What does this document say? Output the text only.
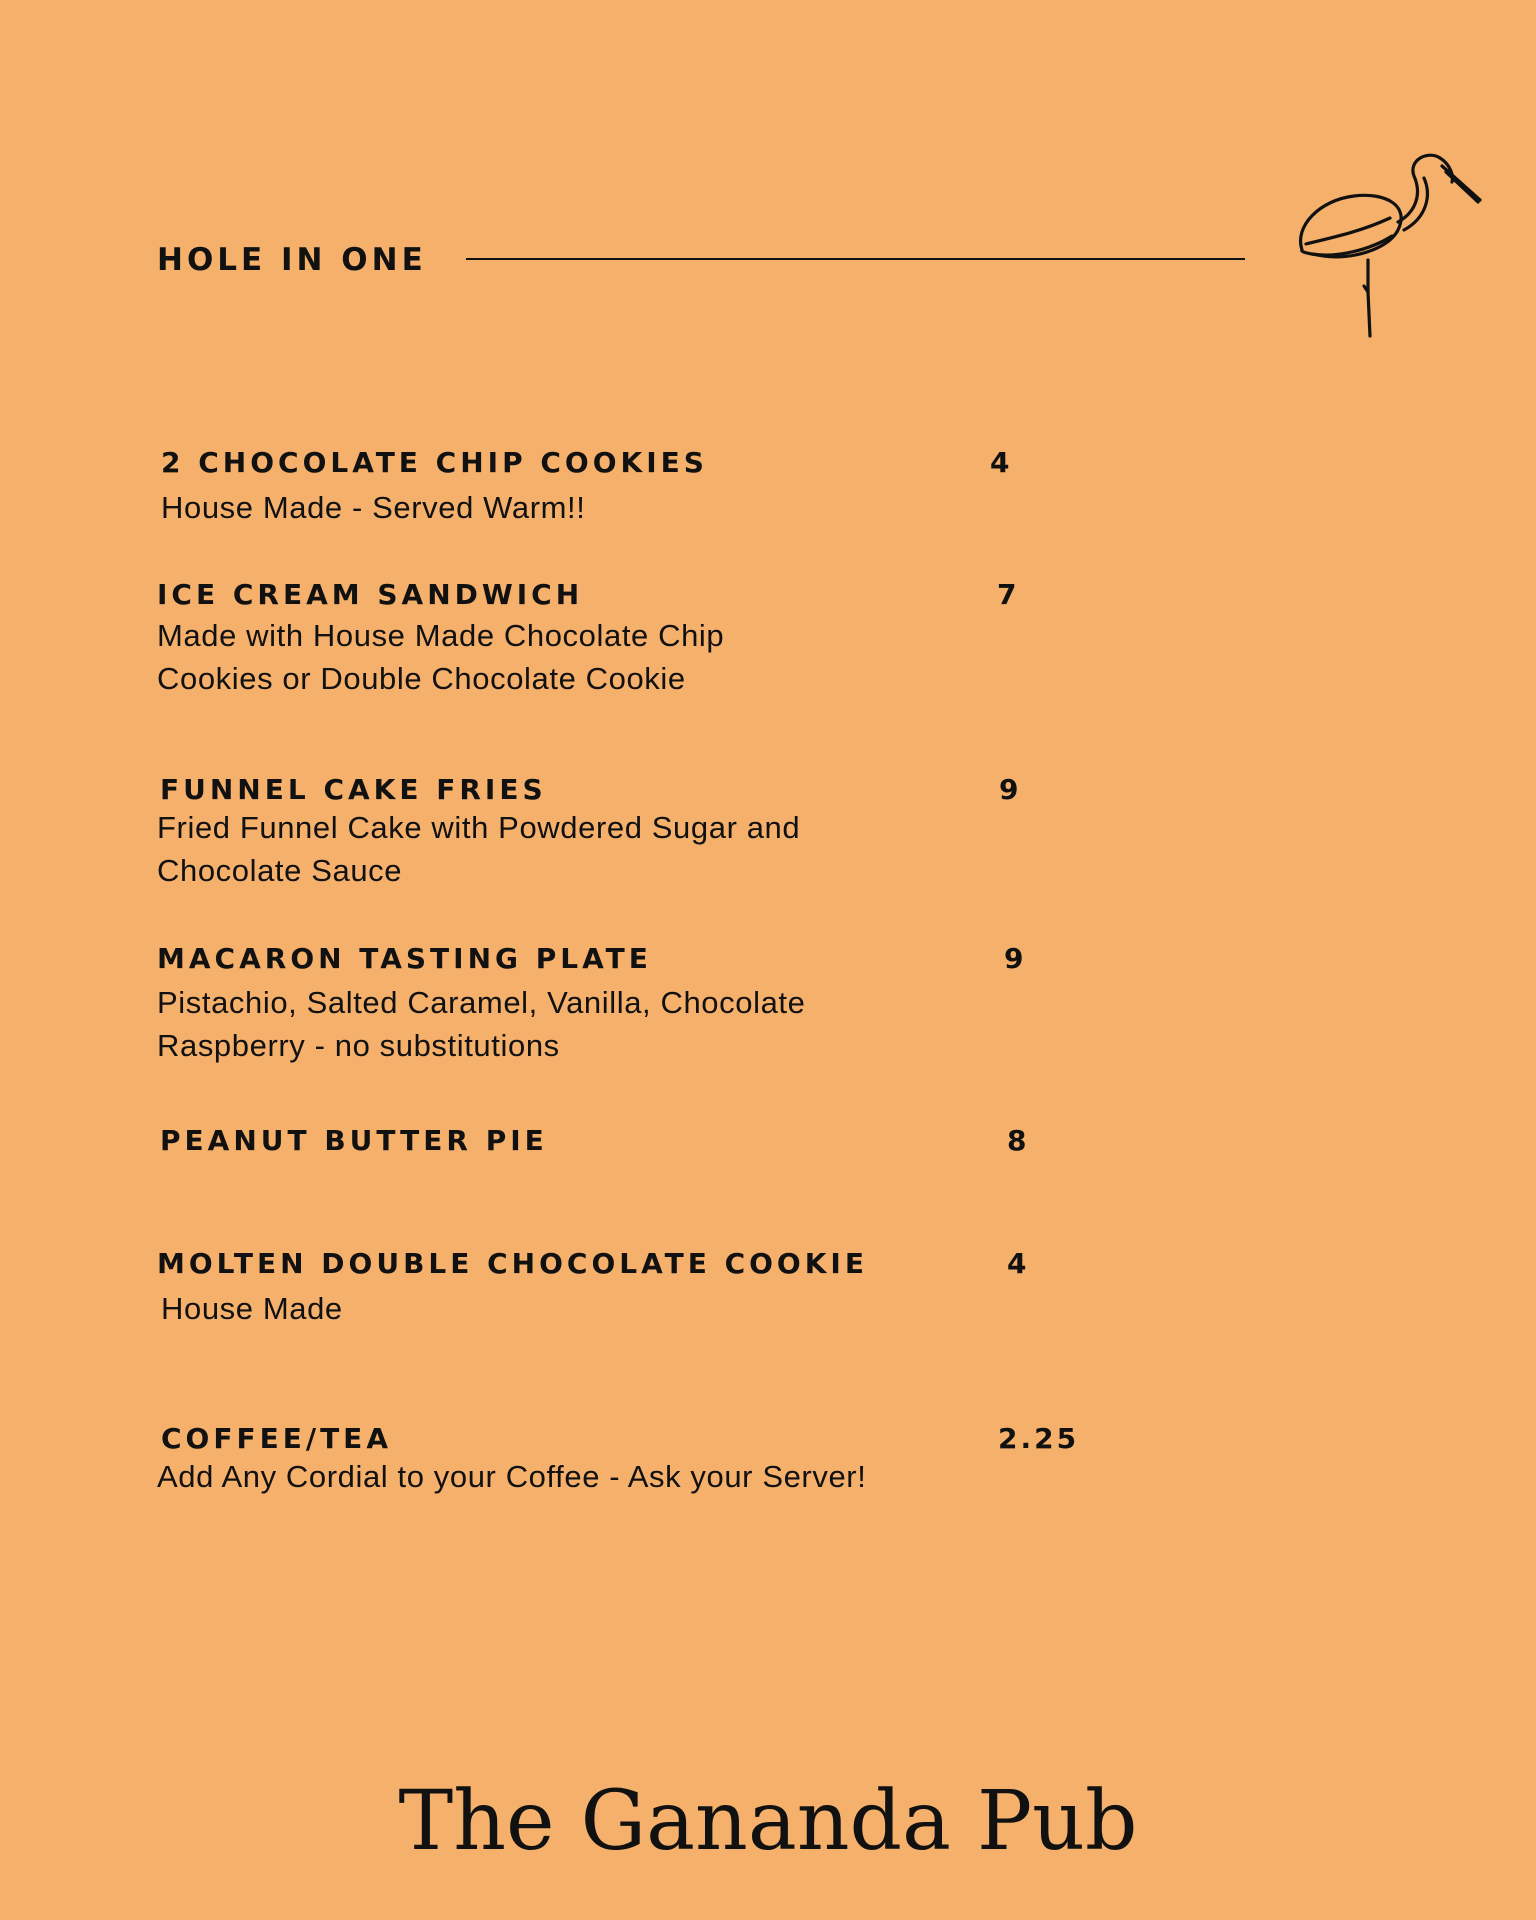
HOLE IN ONE
2 CHOCOLATE CHIP COOKIES	4
House Made - Served Warm!!
ICE CREAM SANDWICH	7
Made with House Made Chocolate Chip Cookies or Double Chocolate Cookie
FUNNEL CAKE FRIES	9
Fried Funnel Cake with Powdered Sugar and Chocolate Sauce
MACARON TASTING PLATE	9
Pistachio, Salted Caramel, Vanilla, Chocolate Raspberry - no substitutions
PEANUT BUTTER PIE	8
MOLTEN DOUBLE CHOCOLATE COOKIE	4
House Made
COFFEE/TEA	2.25
Add Any Cordial to your Coffee - Ask your Server!
The Gananda Pub
